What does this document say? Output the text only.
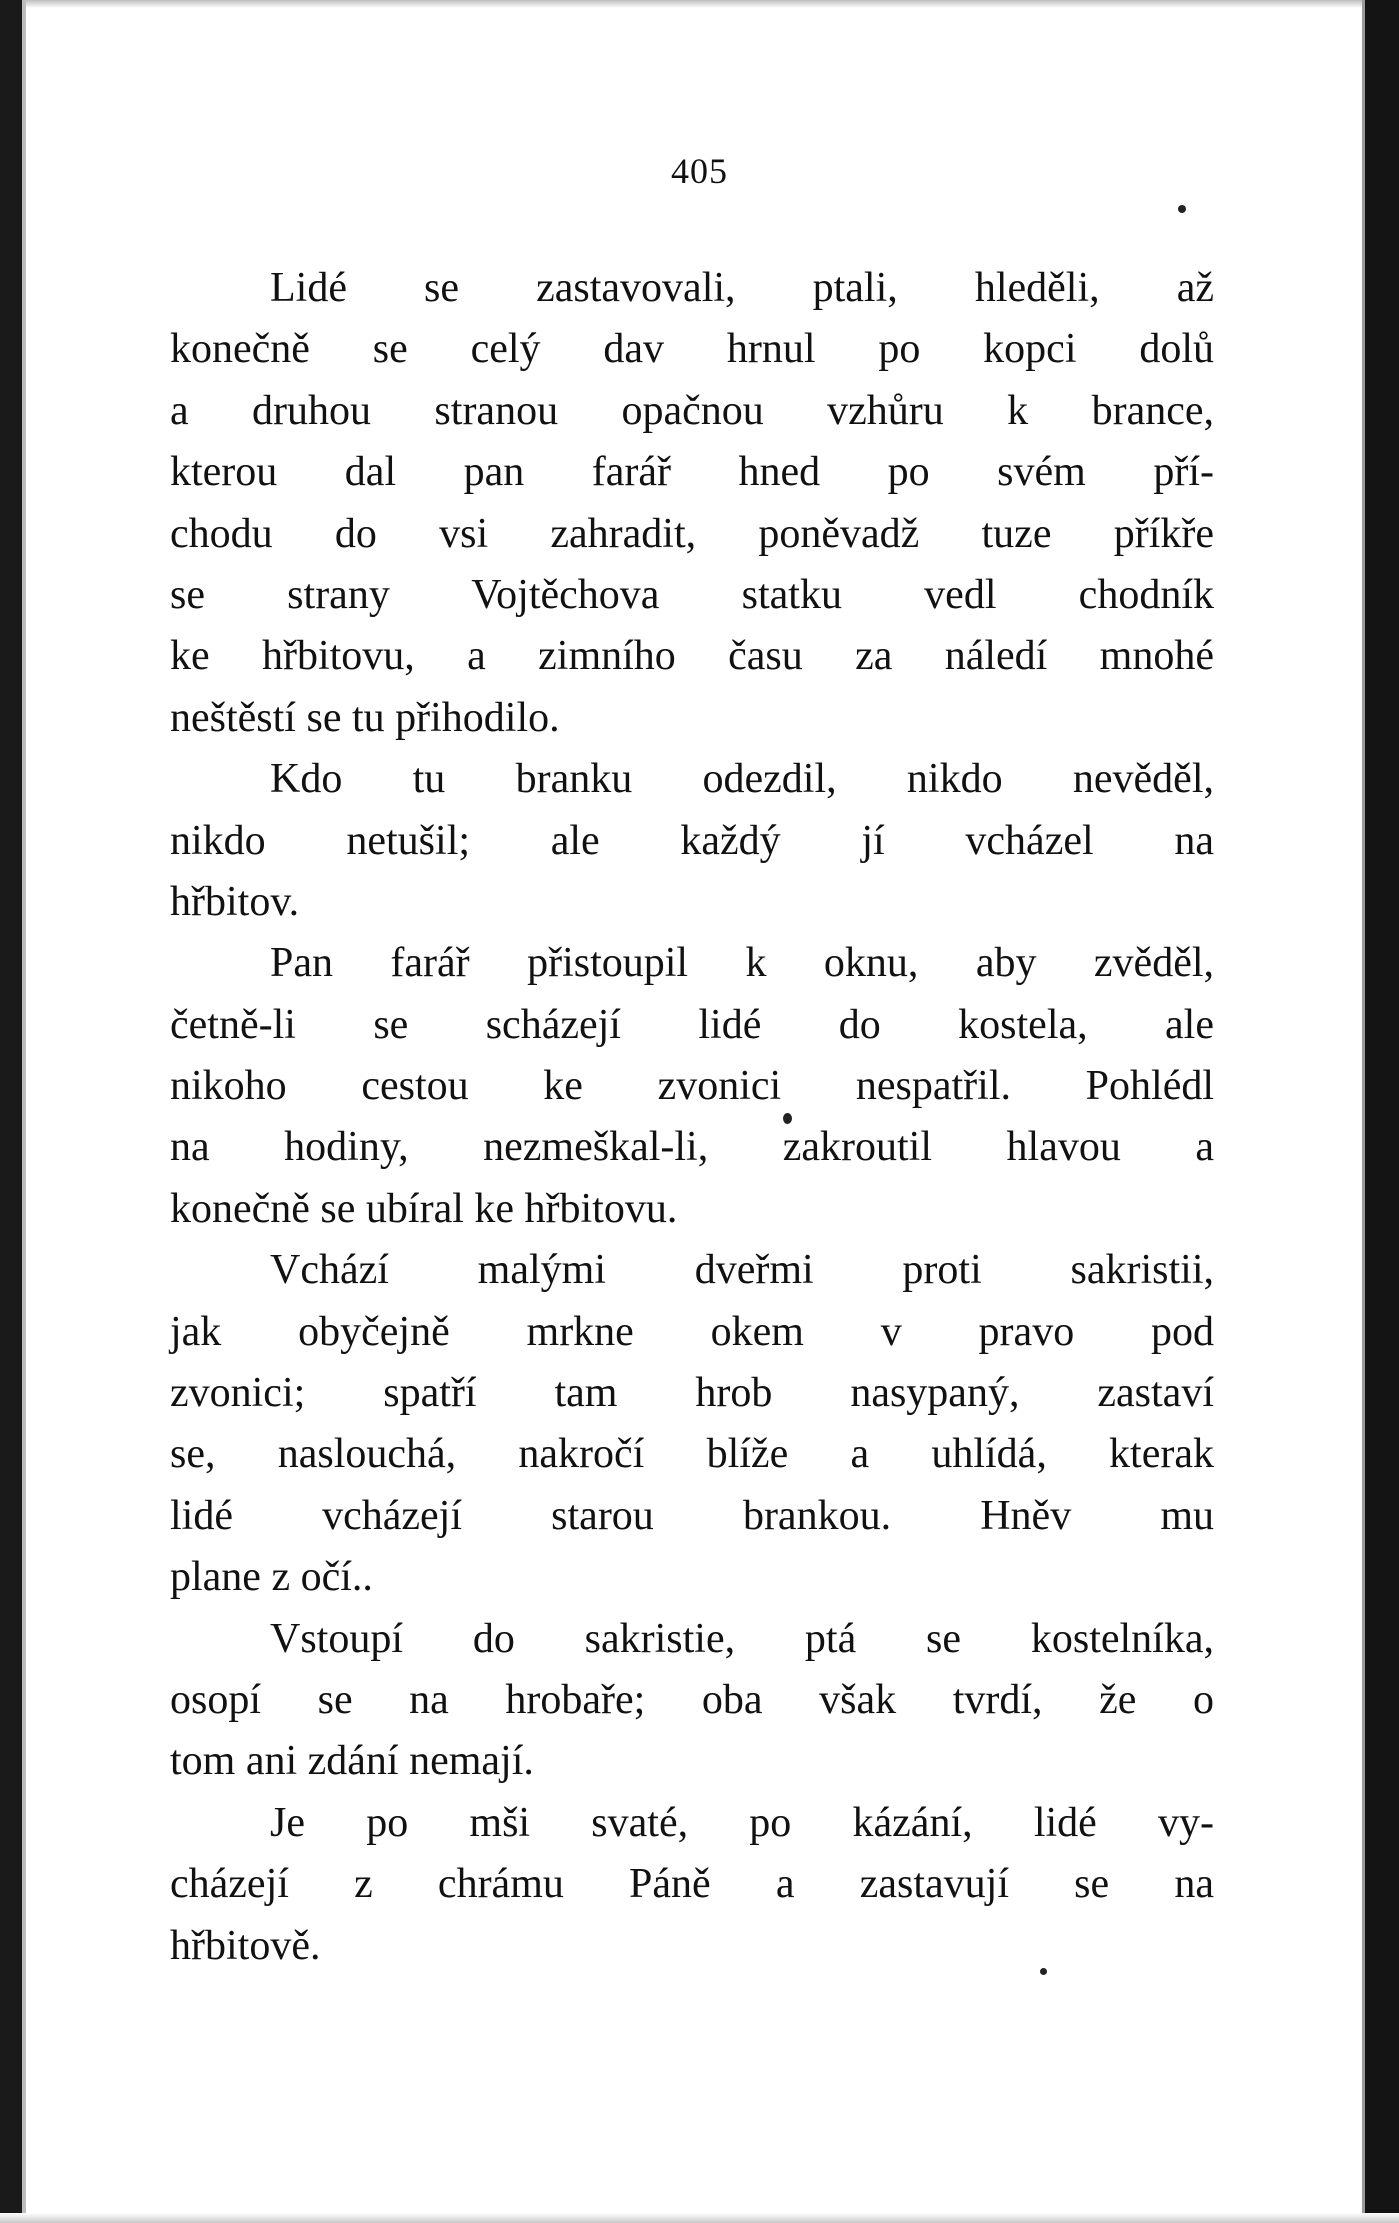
405
Lidé se zastavovali, ptali, hleděli, až
konečně se celý dav hrnul po kopci dolů
a druhou stranou opačnou vzhůru k brance,
kterou dal pan farář hned po svém pří-
chodu do vsi zahradit, poněvadž tuze příkře
se strany Vojtěchova statku vedl chodník
ke hřbitovu, a zimního času za náledí mnohé
neštěstí se tu přihodilo.
Kdo tu branku odezdil, nikdo nevěděl,
nikdo netušil; ale každý jí vcházel na
hřbitov.
Pan farář přistoupil k oknu, aby zvěděl,
četně-li se scházejí lidé do kostela, ale
nikoho cestou ke zvonici nespatřil. Pohlédl
na hodiny, nezmeškal-li, zakroutil hlavou a
konečně se ubíral ke hřbitovu.
Vchází malými dveřmi proti sakristii,
jak obyčejně mrkne okem v pravo pod
zvonici; spatří tam hrob nasypaný, zastaví
se, naslouchá, nakročí blíže a uhlídá, kterak
lidé vcházejí starou brankou. Hněv mu
plane z očí..
Vstoupí do sakristie, ptá se kostelníka,
osopí se na hrobaře; oba však tvrdí, že o
tom ani zdání nemají.
Je po mši svaté, po kázání, lidé vy-
cházejí z chrámu Páně a zastavují se na
hřbitově.
